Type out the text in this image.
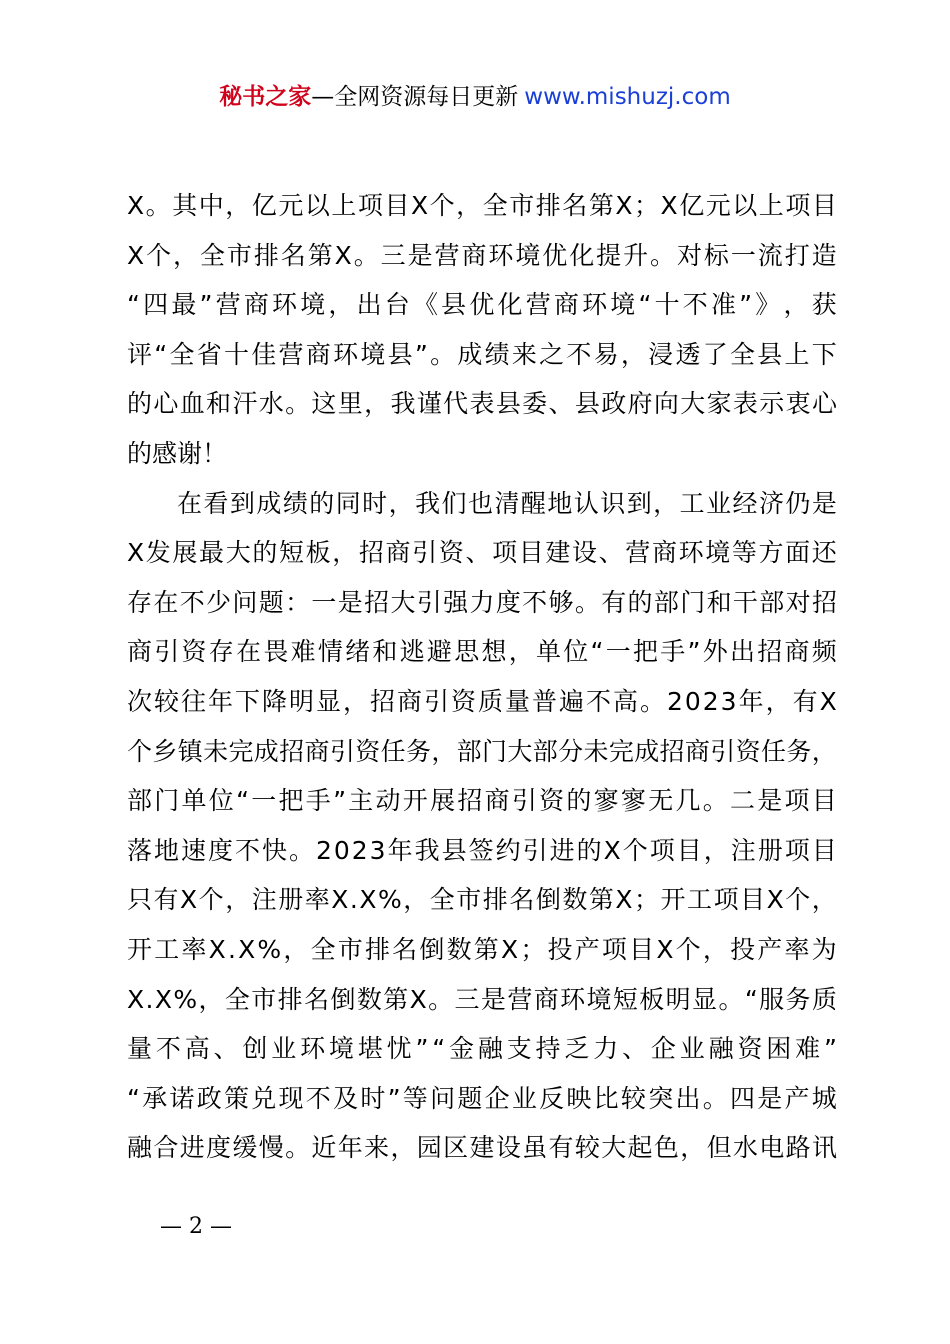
秘书之家—全网资源每日更新 www.mishuzj.com
X 。 其 中 ， 亿 元 以 上 项 目 X 个 ， 全 市 排 名 第 X ； X 亿 元 以 上 项 目
X 个 ， 全 市 排 名 第 X 。 三 是 营 商 环 境 优 化 提 升 。 对 标 一 流 打 造
“ 四 最 ” 营 商 环 境 ， 出 台 《 县 优 化 营 商 环 境 “ 十 不 准 ” 》 ， 获
评 “ 全 省 十 佳 营 商 环 境 县 ” 。 成 绩 来 之 不 易 ， 浸 透 了 全 县 上 下
的 心 血 和 汗 水 。 这 里 ， 我 谨 代 表 县 委 、 县 政 府 向 大 家 表 示 衷 心
的感谢！
在 看 到 成 绩 的 同 时 ， 我 们 也 清 醒 地 认 识 到 ， 工 业 经 济 仍 是
X 发 展 最 大 的 短 板 ， 招 商 引 资 、 项 目 建 设 、 营 商 环 境 等 方 面 还
存 在 不 少 问 题 ： 一 是 招 大 引 强 力 度 不 够 。 有 的 部 门 和 干 部 对 招
商 引 资 存 在 畏 难 情 绪 和 逃 避 思 想 ， 单 位 “ 一 把 手 ” 外 出 招 商 频
次 较 往 年 下 降 明 显 ， 招 商 引 资 质 量 普 遍 不 高 。 2 0 2 3 年 ， 有 X
个 乡 镇 未 完 成 招 商 引 资 任 务 ， 部 门 大 部 分 未 完 成 招 商 引 资 任 务 ，
部 门 单 位 “ 一 把 手 ” 主 动 开 展 招 商 引 资 的 寥 寥 无 几 。 二 是 项 目
落 地 速 度 不 快 。 2 0 2 3 年 我 县 签 约 引 进 的 X 个 项 目 ， 注 册 项 目
只 有 X 个 ， 注 册 率 X . X % ， 全 市 排 名 倒 数 第 X ； 开 工 项 目 X 个 ，
开 工 率 X . X % ， 全 市 排 名 倒 数 第 X ； 投 产 项 目 X 个 ， 投 产 率 为
X . X % ， 全 市 排 名 倒 数 第 X 。 三 是 营 商 环 境 短 板 明 显 。 “ 服 务 质
量 不 高 、 创 业 环 境 堪 忧 ” “ 金 融 支 持 乏 力 、 企 业 融 资 困 难 ”
“ 承 诺 政 策 兑 现 不 及 时 ” 等 问 题 企 业 反 映 比 较 突 出 。 四 是 产 城
融 合 进 度 缓 慢 。 近 年 来 ， 园 区 建 设 虽 有 较 大 起 色 ， 但 水 电 路 讯
— 2 —
